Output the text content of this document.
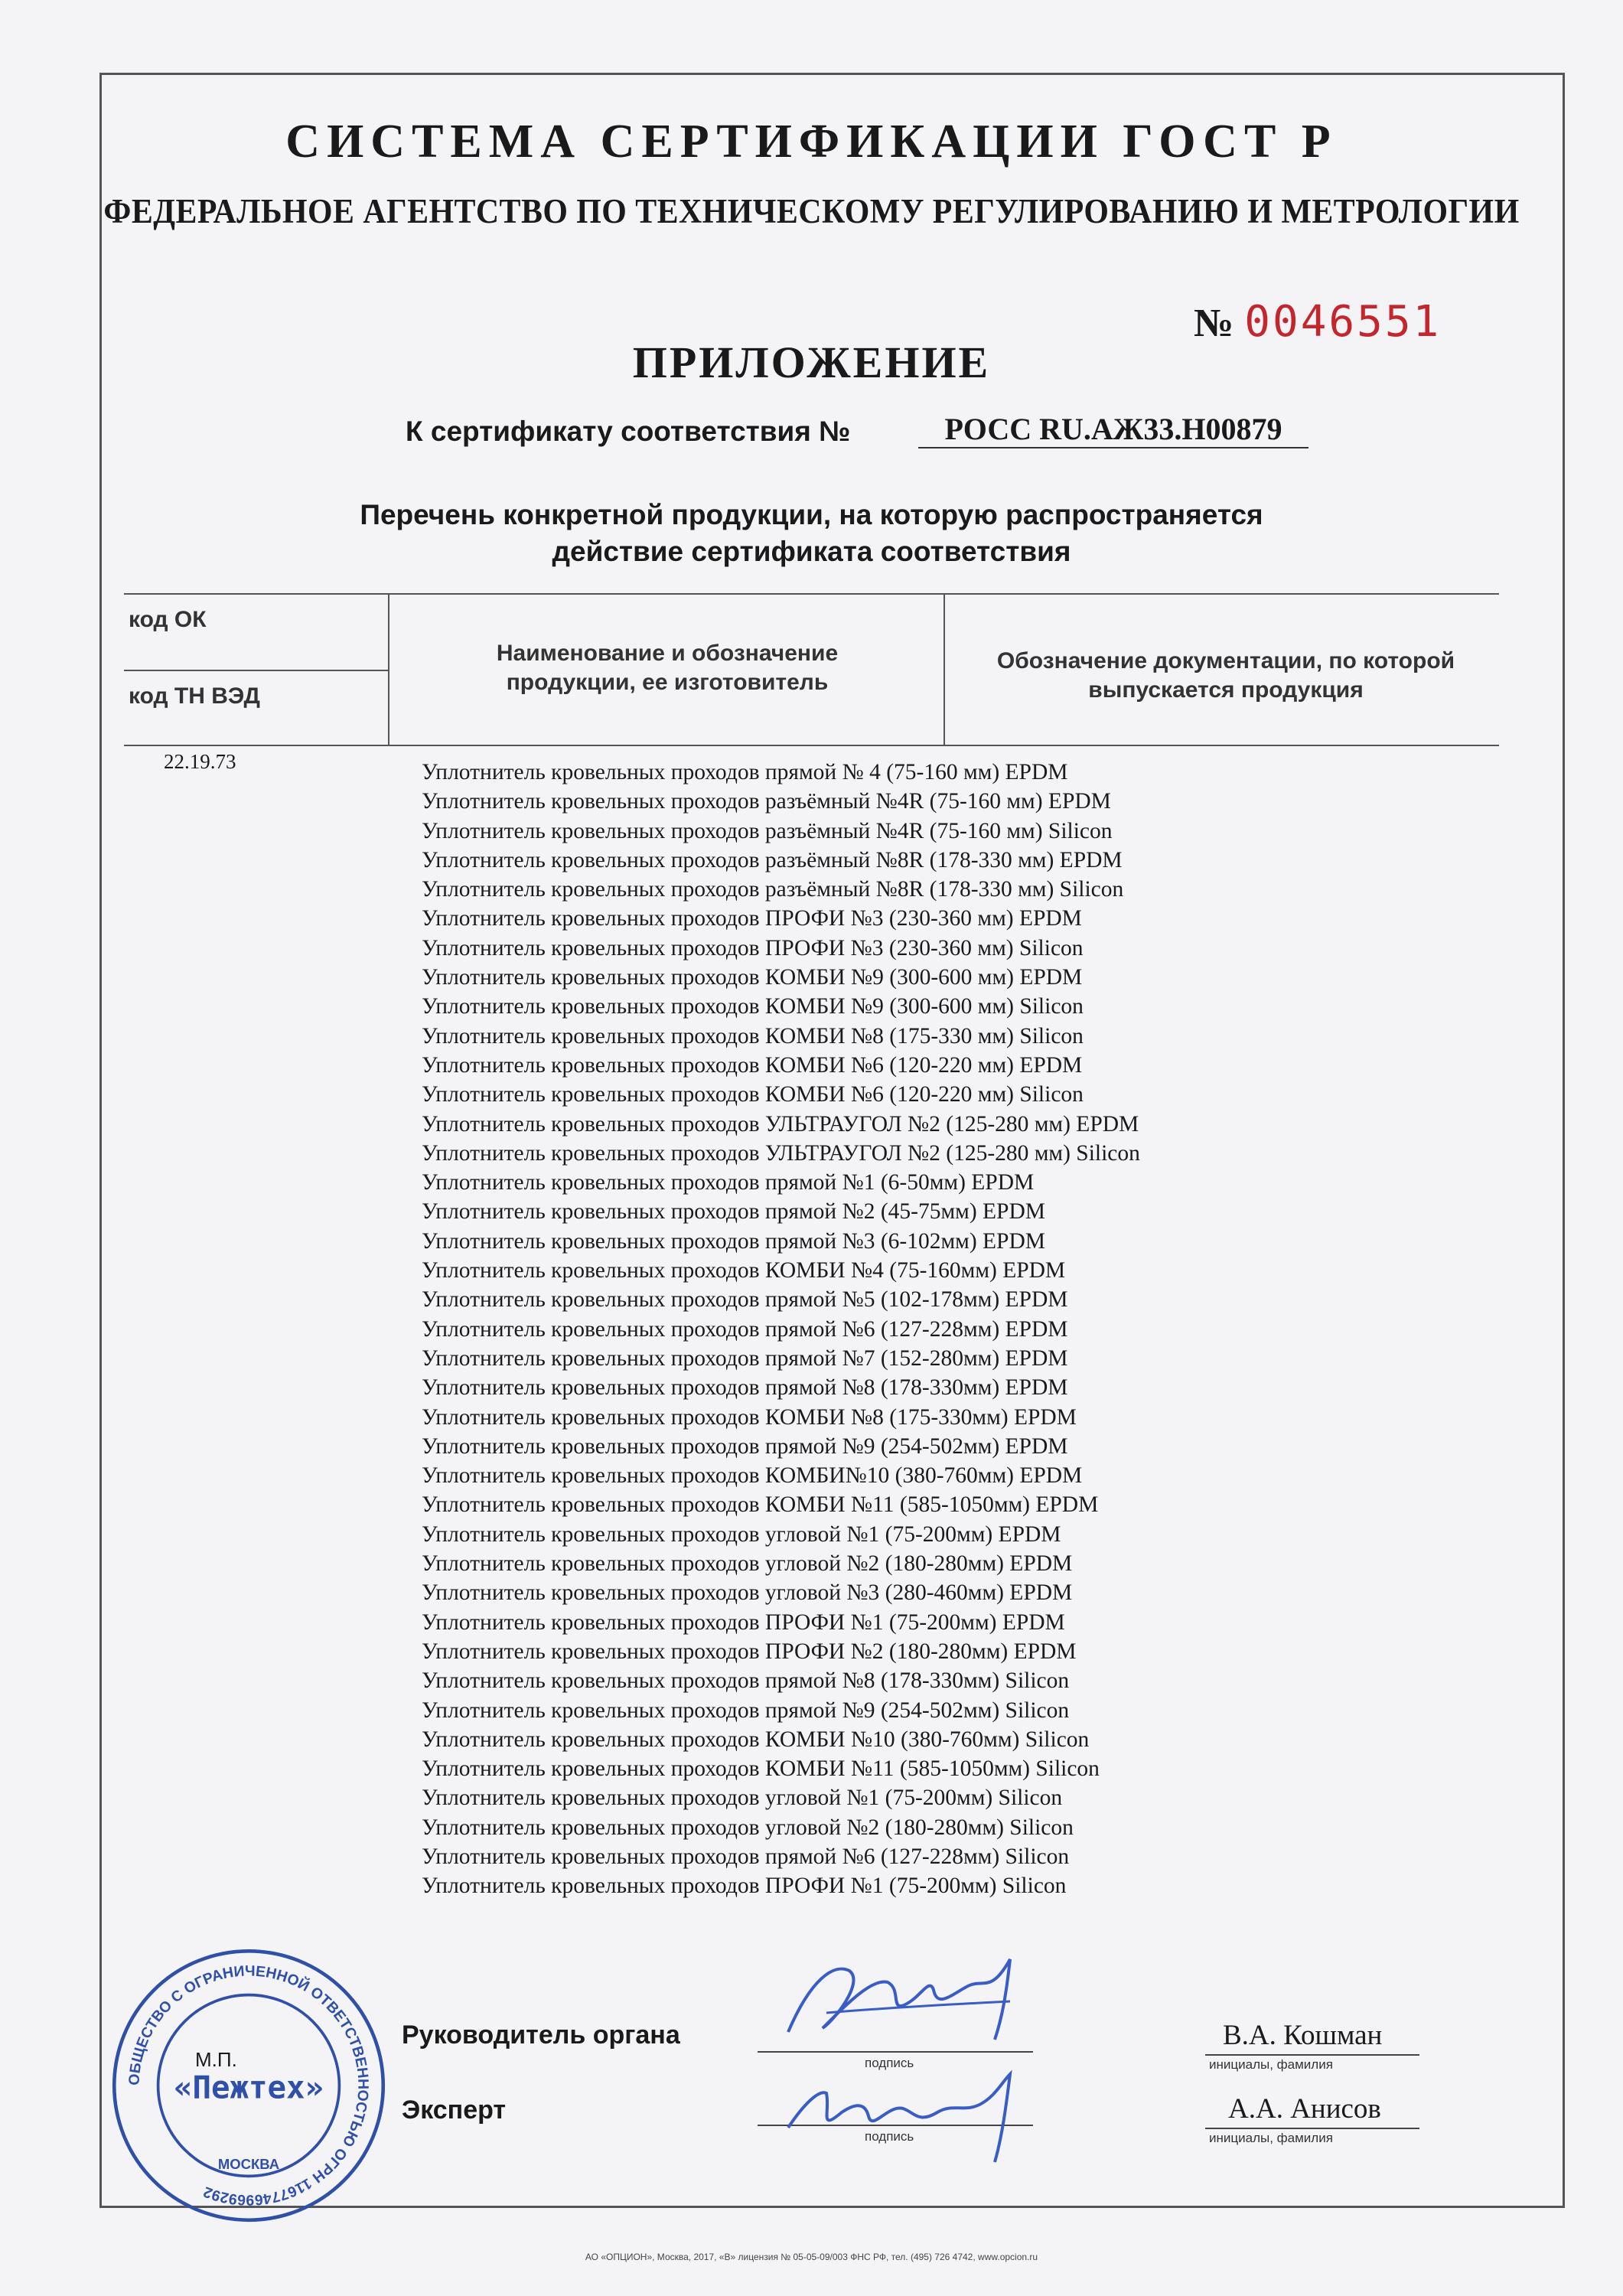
СИСТЕМА СЕРТИФИКАЦИИ ГОСТ Р
ФЕДЕРАЛЬНОЕ АГЕНТСТВО ПО ТЕХНИЧЕСКОМУ РЕГУЛИРОВАНИЮ И МЕТРОЛОГИИ
№ 0046551
ПРИЛОЖЕНИЕ
К сертификату соответствия №	РОСС RU.АЖ33.Н00879
Перечень конкретной продукции, на которую распространяется
действие сертификата соответствия
код ОК
код ТН ВЭД
Наименование и обозначение продукции, ее изготовитель
Обозначение документации, по которой выпускается продукция
22.19.73	Уплотнитель кровельных проходов прямой № 4 (75-160 мм) EPDM
Уплотнитель кровельных проходов разъёмный №4R (75-160 мм) EPDM
Уплотнитель кровельных проходов разъёмный №4R (75-160 мм) Silicon
Уплотнитель кровельных проходов разъёмный №8R (178-330 мм) EPDM
Уплотнитель кровельных проходов разъёмный №8R (178-330 мм) Silicon
Уплотнитель кровельных проходов ПРОФИ №3 (230-360 мм) EPDM
Уплотнитель кровельных проходов ПРОФИ №3 (230-360 мм) Silicon
Уплотнитель кровельных проходов КОМБИ №9 (300-600 мм) EPDM
Уплотнитель кровельных проходов КОМБИ №9 (300-600 мм) Silicon
Уплотнитель кровельных проходов КОМБИ №8 (175-330 мм) Silicon
Уплотнитель кровельных проходов КОМБИ №6 (120-220 мм) EPDM
Уплотнитель кровельных проходов КОМБИ №6 (120-220 мм) Silicon
Уплотнитель кровельных проходов УЛЬТРАУГОЛ №2 (125-280 мм) EPDM
Уплотнитель кровельных проходов УЛЬТРАУГОЛ №2 (125-280 мм) Silicon
Уплотнитель кровельных проходов прямой №1 (6-50мм) EPDM
Уплотнитель кровельных проходов прямой №2 (45-75мм) EPDM
Уплотнитель кровельных проходов прямой №3 (6-102мм) EPDM
Уплотнитель кровельных проходов КОМБИ №4 (75-160мм) EPDM
Уплотнитель кровельных проходов прямой №5 (102-178мм) EPDM
Уплотнитель кровельных проходов прямой №6 (127-228мм) EPDM
Уплотнитель кровельных проходов прямой №7 (152-280мм) EPDM
Уплотнитель кровельных проходов прямой №8 (178-330мм) EPDM
Уплотнитель кровельных проходов КОМБИ №8 (175-330мм) EPDM
Уплотнитель кровельных проходов прямой №9 (254-502мм) EPDM
Уплотнитель кровельных проходов КОМБИ№10 (380-760мм) EPDM
Уплотнитель кровельных проходов КОМБИ №11 (585-1050мм) EPDM
Уплотнитель кровельных проходов угловой №1 (75-200мм) EPDM
Уплотнитель кровельных проходов угловой №2 (180-280мм) EPDM
Уплотнитель кровельных проходов угловой №3 (280-460мм) EPDM
Уплотнитель кровельных проходов ПРОФИ №1 (75-200мм) EPDM
Уплотнитель кровельных проходов ПРОФИ №2 (180-280мм) EPDM
Уплотнитель кровельных проходов прямой №8 (178-330мм) Silicon
Уплотнитель кровельных проходов прямой №9 (254-502мм) Silicon
Уплотнитель кровельных проходов КОМБИ №10 (380-760мм) Silicon
Уплотнитель кровельных проходов КОМБИ №11 (585-1050мм) Silicon
Уплотнитель кровельных проходов угловой №1 (75-200мм) Silicon
Уплотнитель кровельных проходов угловой №2 (180-280мм) Silicon
Уплотнитель кровельных проходов прямой №6 (127-228мм) Silicon
Уплотнитель кровельных проходов ПРОФИ №1 (75-200мм) Silicon
ОБЩЕСТВО С ОГРАНИЧЕННОЙ ОТВЕТСТВЕННОСТЬЮ ОГРН 1167746969292
«Пежтех»
МОСКВА
М.П.
Руководитель органа
подпись
В.А. Кошман
инициалы, фамилия
Эксперт
подпись
А.А. Анисов
инициалы, фамилия
АО «ОПЦИОН», Москва, 2017, «В» лицензия № 05-05-09/003 ФНС РФ, тел. (495) 726 4742, www.opcion.ru
